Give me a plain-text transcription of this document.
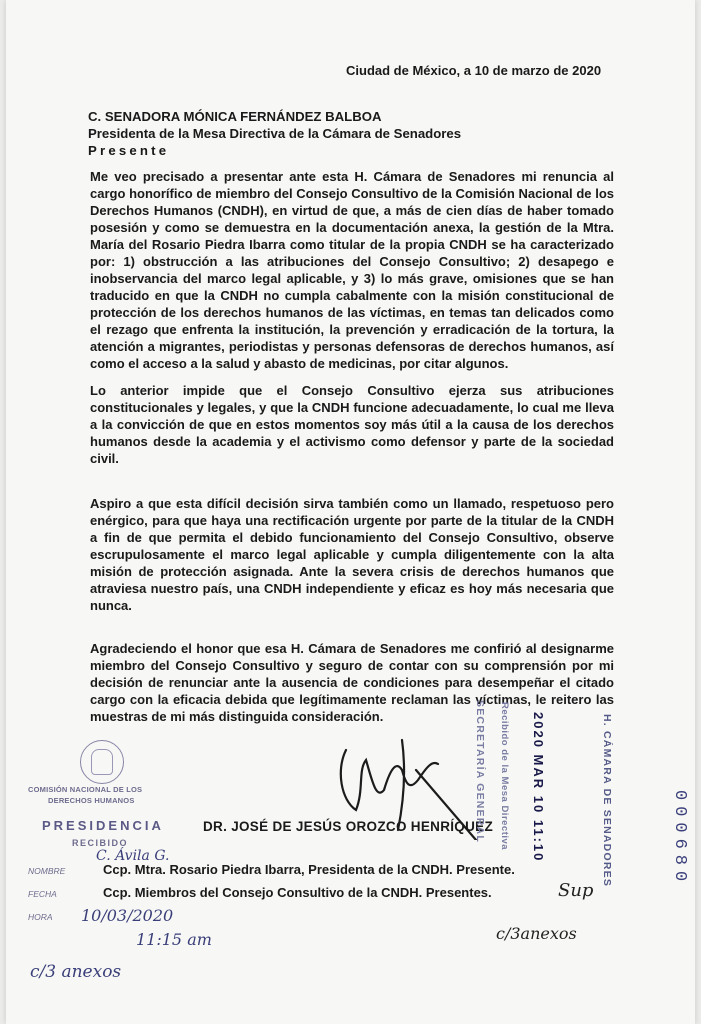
Ciudad de México, a 10 de marzo de 2020
C. SENADORA MÓNICA FERNÁNDEZ BALBOA
Presidenta de la Mesa Directiva de la Cámara de Senadores
Presente
Me veo precisado a presentar ante esta H. Cámara de Senadores mi renuncia al cargo honorífico de miembro del Consejo Consultivo de la Comisión Nacional de los Derechos Humanos (CNDH), en virtud de que, a más de cien días de haber tomado posesión y como se demuestra en la documentación anexa, la gestión de la Mtra. María del Rosario Piedra Ibarra como titular de la propia CNDH se ha caracterizado por: 1) obstrucción a las atribuciones del Consejo Consultivo; 2) desapego e inobservancia del marco legal aplicable, y 3) lo más grave, omisiones que se han traducido en que la CNDH no cumpla cabalmente con la misión constitucional de protección de los derechos humanos de las víctimas, en temas tan delicados como el rezago que enfrenta la institución, la prevención y erradicación de la tortura, la atención a migrantes, periodistas y personas defensoras de derechos humanos, así como el acceso a la salud y abasto de medicinas, por citar algunos.
Lo anterior impide que el Consejo Consultivo ejerza sus atribuciones constitucionales y legales, y que la CNDH funcione adecuadamente, lo cual me lleva a la convicción de que en estos momentos soy más útil a la causa de los derechos humanos desde la academia y el activismo como defensor y parte de la sociedad civil.
Aspiro a que esta difícil decisión sirva también como un llamado, respetuoso pero enérgico, para que haya una rectificación urgente por parte de la titular de la CNDH a fin de que permita el debido funcionamiento del Consejo Consultivo, observe escrupulosamente el marco legal aplicable y cumpla diligentemente con la alta misión de protección asignada. Ante la severa crisis de derechos humanos que atraviesa nuestro país, una CNDH independiente y eficaz es hoy más necesaria que nunca.
Agradeciendo el honor que esa H. Cámara de Senadores me confirió al designarme miembro del Consejo Consultivo y seguro de contar con su comprensión por mi decisión de renunciar ante la ausencia de condiciones para desempeñar el citado cargo con la eficacia debida que legítimamente reclaman las víctimas, le reitero las muestras de mi más distinguida consideración.
DR. JOSÉ DE JESÚS OROZCO HENRÍQUEZ
Ccp. Mtra. Rosario Piedra Ibarra, Presidenta de la CNDH. Presente.
Ccp. Miembros del Consejo Consultivo de la CNDH. Presentes.
COMISIÓN NACIONAL DE LOS
DERECHOS HUMANOS
PRESIDENCIA
RECIBIDO
NOMBRE
FECHA
HORA
C. Ávila G.
10/03/2020
11:15 am
c/3 anexos
H. CÁMARA DE SENADORES
2020 MAR 10 11:10
Recibido de la Mesa Directiva
SECRETARÍA GENERAL
c/3anexos
Sup
000680
